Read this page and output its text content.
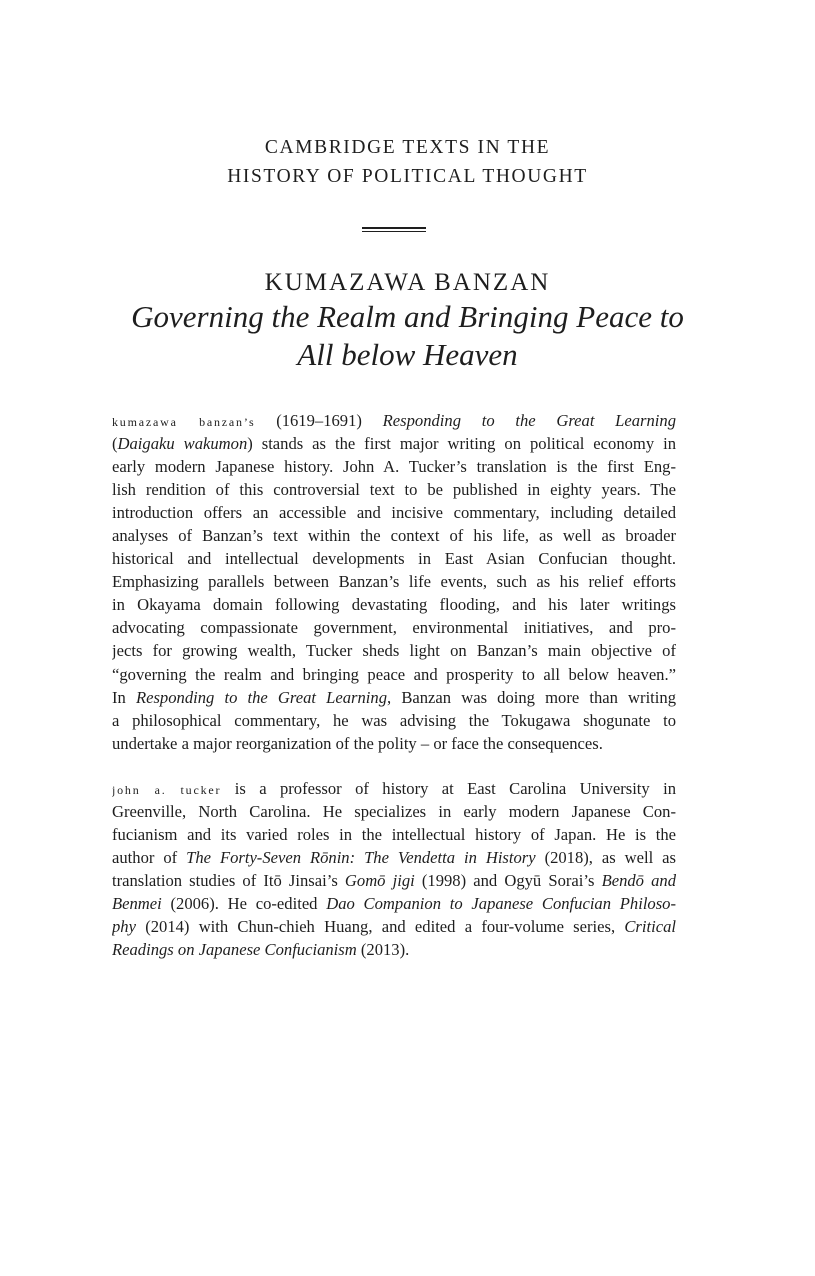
CAMBRIDGE TEXTS IN THE
HISTORY OF POLITICAL THOUGHT
KUMAZAWA BANZAN
Governing the Realm and Bringing Peace to
All below Heaven
kumazawa banzan’s (1619–1691) Responding to the Great Learning
(Daigaku wakumon) stands as the first major writing on political economy in
early modern Japanese history. John A. Tucker’s translation is the first Eng-
lish rendition of this controversial text to be published in eighty years. The
introduction offers an accessible and incisive commentary, including detailed
analyses of Banzan’s text within the context of his life, as well as broader
historical and intellectual developments in East Asian Confucian thought.
Emphasizing parallels between Banzan’s life events, such as his relief efforts
in Okayama domain following devastating flooding, and his later writings
advocating compassionate government, environmental initiatives, and pro-
jects for growing wealth, Tucker sheds light on Banzan’s main objective of
“governing the realm and bringing peace and prosperity to all below heaven.”
In Responding to the Great Learning, Banzan was doing more than writing
a philosophical commentary, he was advising the Tokugawa shogunate to
undertake a major reorganization of the polity – or face the consequences.
john a. tucker is a professor of history at East Carolina University in
Greenville, North Carolina. He specializes in early modern Japanese Con-
fucianism and its varied roles in the intellectual history of Japan. He is the
author of The Forty-Seven Rōnin: The Vendetta in History (2018), as well as
translation studies of Itō Jinsai’s Gomō jigi (1998) and Ogyū Sorai’s Bendō and
Benmei (2006). He co-edited Dao Companion to Japanese Confucian Philoso-
phy (2014) with Chun-chieh Huang, and edited a four-volume series, Critical
Readings on Japanese Confucianism (2013).
